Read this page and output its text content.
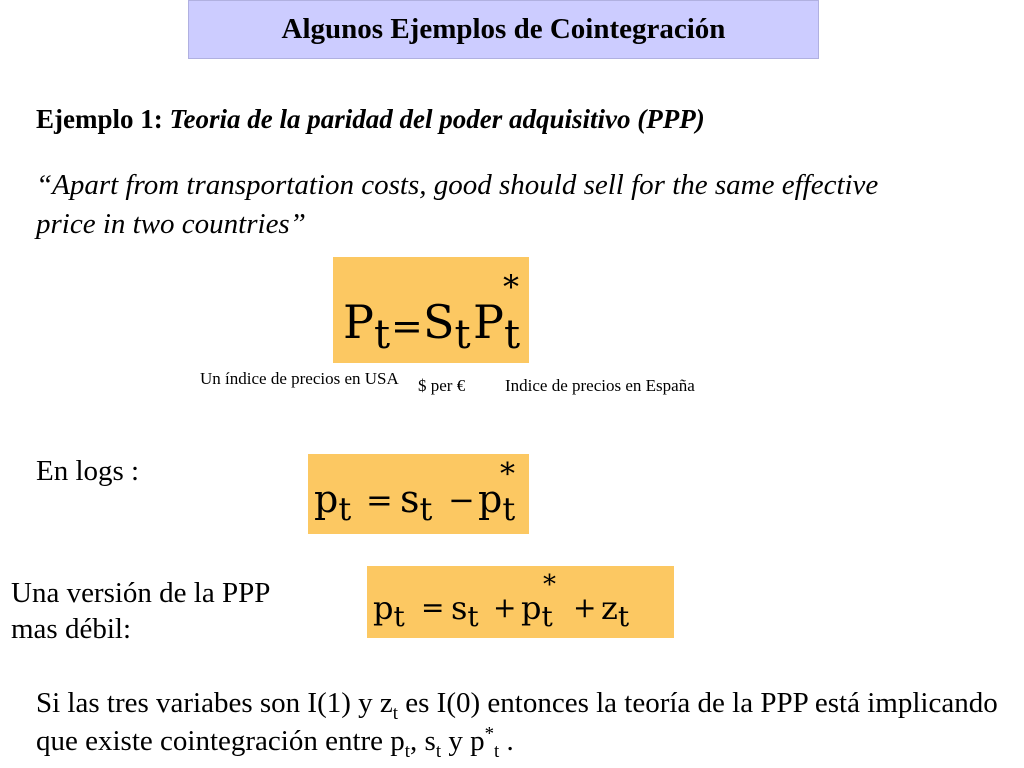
Algunos Ejemplos de Cointegración
Ejemplo 1: Teoria de la paridad del poder adquisitivo (PPP)
“Apart from transportation costs, good should sell for the same effective price in two countries”
Pt = St Pt
*
Un índice de precios en USA $ per € Indice de precios en España
En logs :
$p_t = s_t - p_t$
*
Una versión de la PPP mas débil:
pt = st + pt
*
+ zt
Si las tres variabes son I(1) y $z_t$ es I(0) entonces la teoría de la PPP está implicando que existe cointegración entre $p_t$, $s_t$ y $p^*_t$ .
